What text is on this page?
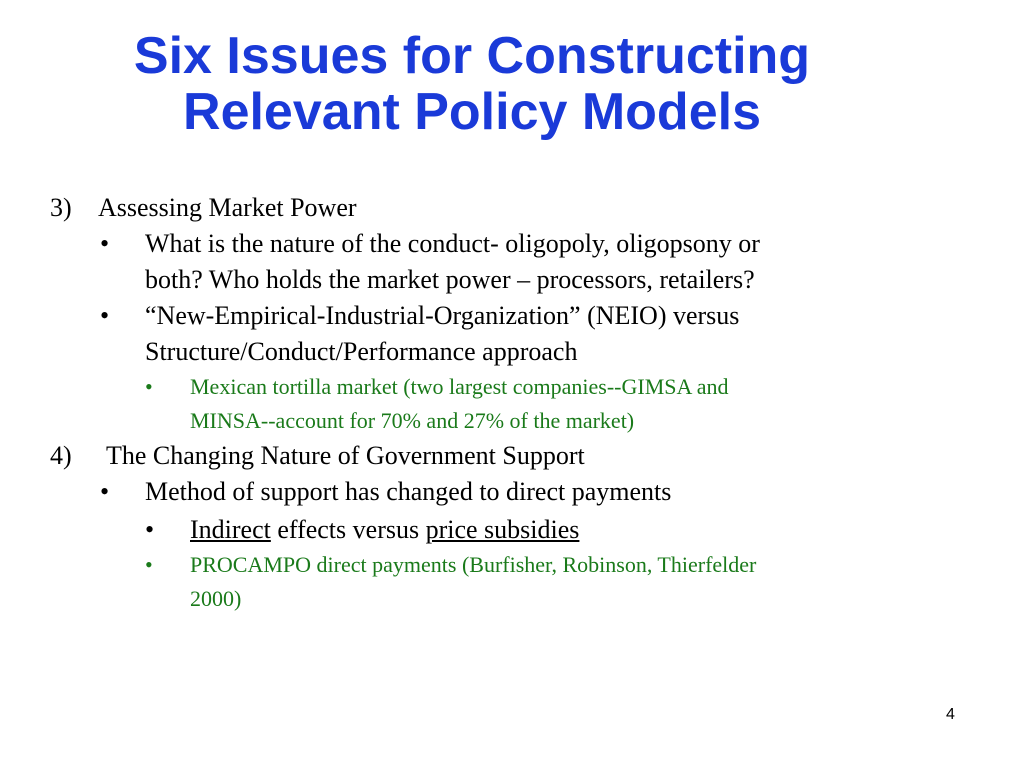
Six Issues for Constructing
Relevant Policy Models
3) Assessing Market Power
• What is the nature of the conduct- oligopoly, oligopsony or
both? Who holds the market power – processors, retailers?
• “New-Empirical-Industrial-Organization” (NEIO) versus
Structure/Conduct/Performance approach
• Mexican tortilla market (two largest companies--GIMSA and
MINSA--account for 70% and 27% of the market)
4) The Changing Nature of Government Support
• Method of support has changed to direct payments
• Indirect effects versus price subsidies
• PROCAMPO direct payments (Burfisher, Robinson, Thierfelder
2000)
4
